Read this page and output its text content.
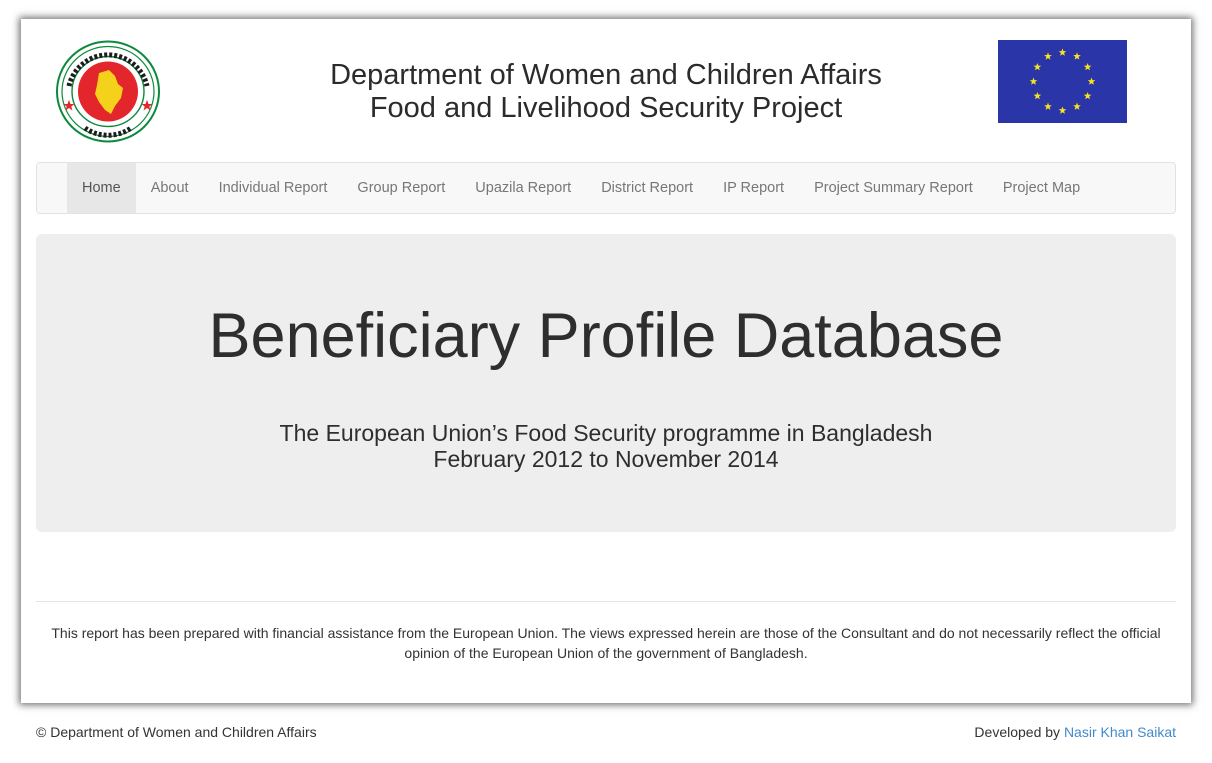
Department of Women and Children Affairs
Food and Livelihood Security Project
Home	About	Individual Report	Group Report	Upazila Report	District Report	IP Report	Project Summary Report	Project Map
Beneficiary Profile Database
The European Union’s Food Security programme in Bangladesh
February 2012 to November 2014
This report has been prepared with financial assistance from the European Union. The views expressed herein are those of the Consultant and do not necessarily reflect the official
opinion of the European Union of the government of Bangladesh.
© Department of Women and Children Affairs	Developed by Nasir Khan Saikat
